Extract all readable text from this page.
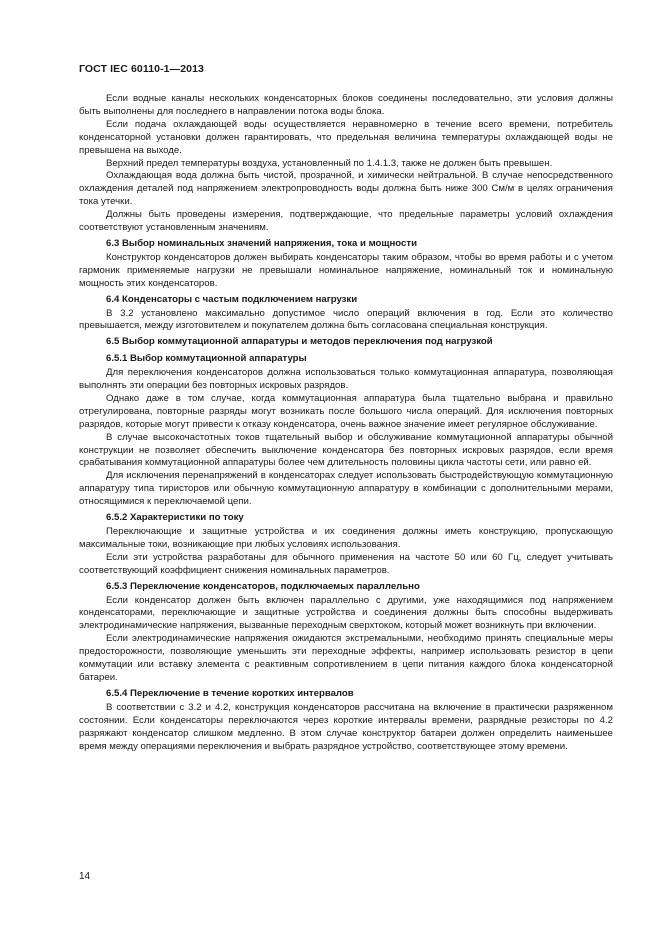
ГОСТ IEC 60110-1—2013

Если водные каналы нескольких конденсаторных блоков соединены последовательно, эти условия должны быть выполнены для последнего в направлении потока воды блока.

Если подача охлаждающей воды осуществляется неравномерно в течение всего времени, потребитель конденсаторной установки должен гарантировать, что предельная величина температуры охлаждающей воды не превышена на выходе.

Верхний предел температуры воздуха, установленный по 1.4.1.3, также не должен быть превышен.

Охлаждающая вода должна быть чистой, прозрачной, и химически нейтральной. В случае непосредственного охлаждения деталей под напряжением электропроводность воды должна быть ниже 300 См/м в целях ограничения тока утечки.

Должны быть проведены измерения, подтверждающие, что предельные параметры условий охлаждения соответствуют установленным значениям.

6.3 Выбор номинальных значений напряжения, тока и мощности

Конструктор конденсаторов должен выбирать конденсаторы таким образом, чтобы во время работы и с учетом гармоник применяемые нагрузки не превышали номинальное напряжение, номинальный ток и номинальную мощность этих конденсаторов.

6.4 Конденсаторы с частым подключением нагрузки

В 3.2 установлено максимально допустимое число операций включения в год. Если это количество превышается, между изготовителем и покупателем должна быть согласована специальная конструкция.

6.5 Выбор коммутационной аппаратуры и методов переключения под нагрузкой
6.5.1 Выбор коммутационной аппаратуры

Для переключения конденсаторов должна использоваться только коммутационная аппаратура, позволяющая выполнять эти операции без повторных искровых разрядов.

Однако даже в том случае, когда коммутационная аппаратура была тщательно выбрана и правильно отрегулирована, повторные разряды могут возникать после большого числа операций. Для исключения повторных разрядов, которые могут привести к отказу конденсатора, очень важное значение имеет регулярное обслуживание.

В случае высокочастотных токов тщательный выбор и обслуживание коммутационной аппаратуры обычной конструкции не позволяет обеспечить выключение конденсатора без повторных искровых разрядов, если время срабатывания коммутационной аппаратуры более чем длительность половины цикла частоты сети, или равно ей.

Для исключения перенапряжений в конденсаторах следует использовать быстродействующую коммутационную аппаратуру типа тиристоров или обычную коммутационную аппаратуру в комбинации с дополнительными мерами, относящимися к переключаемой цепи.

6.5.2 Характеристики по току

Переключающие и защитные устройства и их соединения должны иметь конструкцию, пропускающую максимальные токи, возникающие при любых условиях использования.

Если эти устройства разработаны для обычного применения на частоте 50 или 60 Гц, следует учитывать соответствующий коэффициент снижения номинальных параметров.

6.5.3 Переключение конденсаторов, подключаемых параллельно

Если конденсатор должен быть включен параллельно с другими, уже находящимися под напряжением конденсаторами, переключающие и защитные устройства и соединения должны быть способны выдерживать электродинамические напряжения, вызванные переходным сверхтоком, который может возникнуть при включении.

Если электродинамические напряжения ожидаются экстремальными, необходимо принять специальные меры предосторожности, позволяющие уменьшить эти переходные эффекты, например использовать резистор в цепи коммутации или вставку элемента с реактивным сопротивлением в цепи питания каждого блока конденсаторной батареи.

6.5.4 Переключение в течение коротких интервалов

В соответствии с 3.2 и 4.2, конструкция конденсаторов рассчитана на включение в практически разряженном состоянии. Если конденсаторы переключаются через короткие интервалы времени, разрядные резисторы по 4.2 разряжают конденсатор слишком медленно. В этом случае конструктор батареи должен определить наименьшее время между операциями переключения и выбрать разрядное устройство, соответствующее этому времени.

14
